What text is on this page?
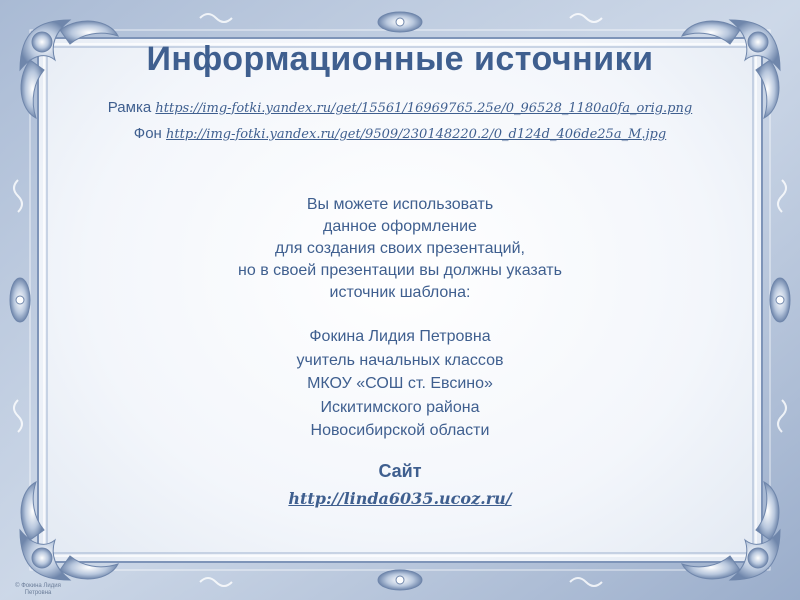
Информационные источники
Рамка https://img-fotki.yandex.ru/get/15561/16969765.25e/0_96528_1180a0fa_orig.png
Фон http://img-fotki.yandex.ru/get/9509/230148220.2/0_d124d_406de25a_M.jpg
Вы можете использовать
данное оформление
для создания своих презентаций,
но в своей презентации вы должны указать
источник шаблона:
Фокина Лидия Петровна
учитель начальных классов
МКОУ «СОШ ст. Евсино»
Искитимского района
Новосибирской области
Сайт
http://linda6035.ucoz.ru/
© Фокина Лидия Петровна
